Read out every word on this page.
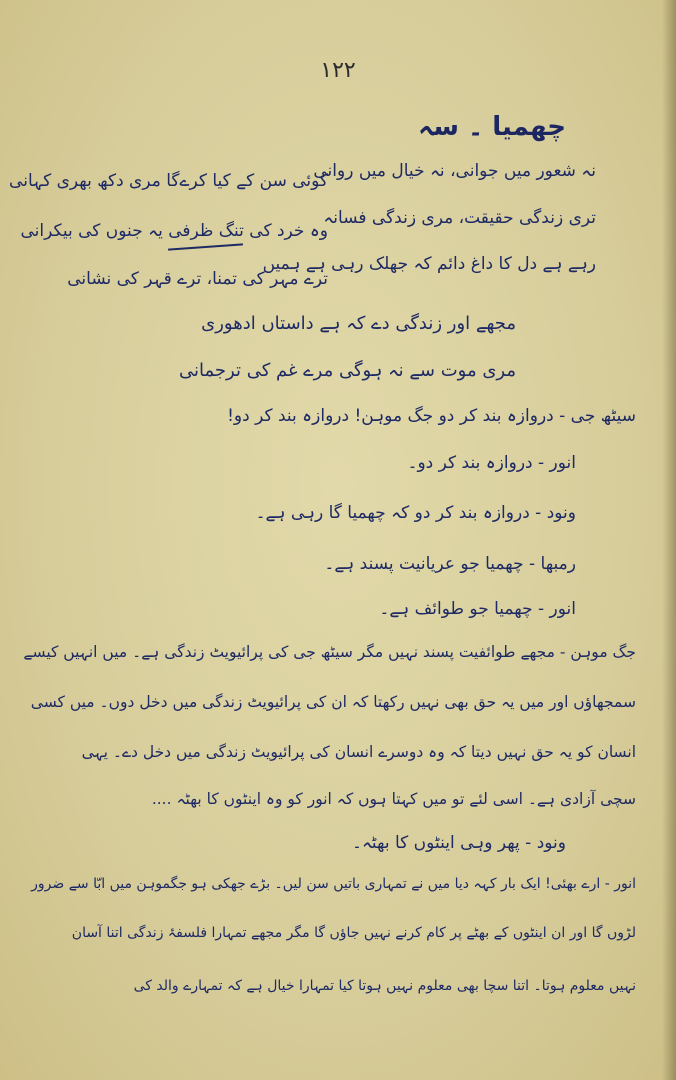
۱۲۲
چھمیا ۔ سہ
نہ شعور میں جوانی، نہ خیال میں روانی
تری زندگی حقیقت، مری زندگی فسانہ
رہے ہے دل کا داغ دائم کہ جھلک رہی ہے ہمیں
کوئی سن کے کیا کرےگا مری دکھ بھری کہانی
وہ خرد کی تنگ ظرفی یہ جنوں کی بیکرانی
ترے مہر کی تمنا، ترے قہر کی نشانی
مجھے اور زندگی دے کہ ہے داستاں ادھوری
مری موت سے نہ ہوگی مرے غم کی ترجمانی
سیٹھ جی - دروازہ بند کر دو جگ موہن! دروازہ بند کر دو!
انور - دروازہ بند کر دو۔
ونود - دروازہ بند کر دو کہ چھمیا گا رہی ہے۔
رمبھا - چھمیا جو عریانیت پسند ہے۔
انور - چھمیا جو طوائف ہے۔
جگ موہن - مجھے طوائفیت پسند نہیں مگر سیٹھ جی کی پرائیویٹ زندگی ہے۔ میں انہیں کیسے
سمجھاؤں اور میں یہ حق بھی نہیں رکھتا کہ ان کی پرائیویٹ زندگی میں دخل دوں۔ میں کسی
انسان کو یہ حق نہیں دیتا کہ وہ دوسرے انسان کی پرائیویٹ زندگی میں دخل دے۔ یہی
سچی آزادی ہے۔ اسی لئے تو میں کہتا ہوں کہ انور کو وہ اینٹوں کا بھٹہ ....
ونود - پھر وہی اینٹوں کا بھٹہ۔
انور - ارے بھئی! ایک بار کہہ دیا میں نے تمہاری باتیں سن لیں۔ بڑے جھکی ہو جگموہن میں ابّا سے ضرور
لڑوں گا اور ان اینٹوں کے بھٹے پر کام کرنے نہیں جاؤں گا مگر مجھے تمہارا فلسفۂ زندگی اتنا آسان
نہیں معلوم ہوتا۔ اتنا سچا بھی معلوم نہیں ہوتا کیا تمہارا خیال ہے کہ تمہارے والد کی
